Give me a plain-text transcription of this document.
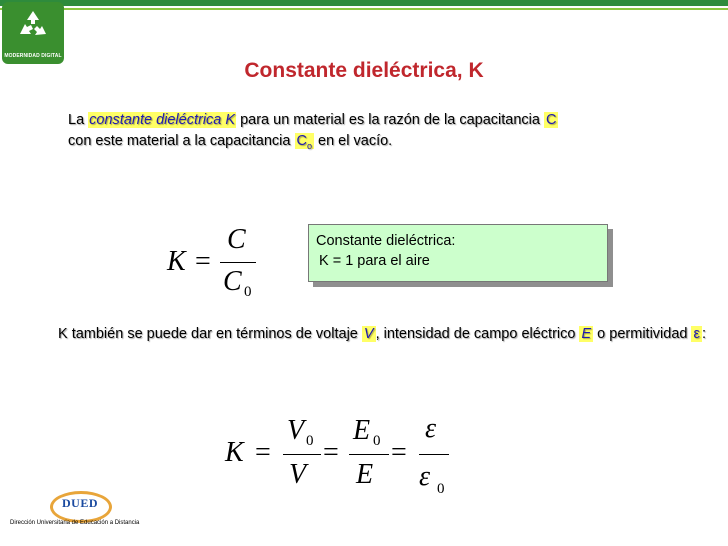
MODERNIDAD DIGITAL
Constante dieléctrica, K
La constante dieléctrica K para un material es la razón de la capacitancia C
con este material a la capacitancia $C_o$ en el vacío.
K =
C
C 0
Constante dieléctrica:
K = 1 para el aire
K también se puede dar en términos de voltaje V , intensidad de campo eléctrico E o permitividad ε :
K =
V 0
V
=
E 0
E
=
ε
ε 0
DUED
Dirección Universitaria de Educación a Distancia
